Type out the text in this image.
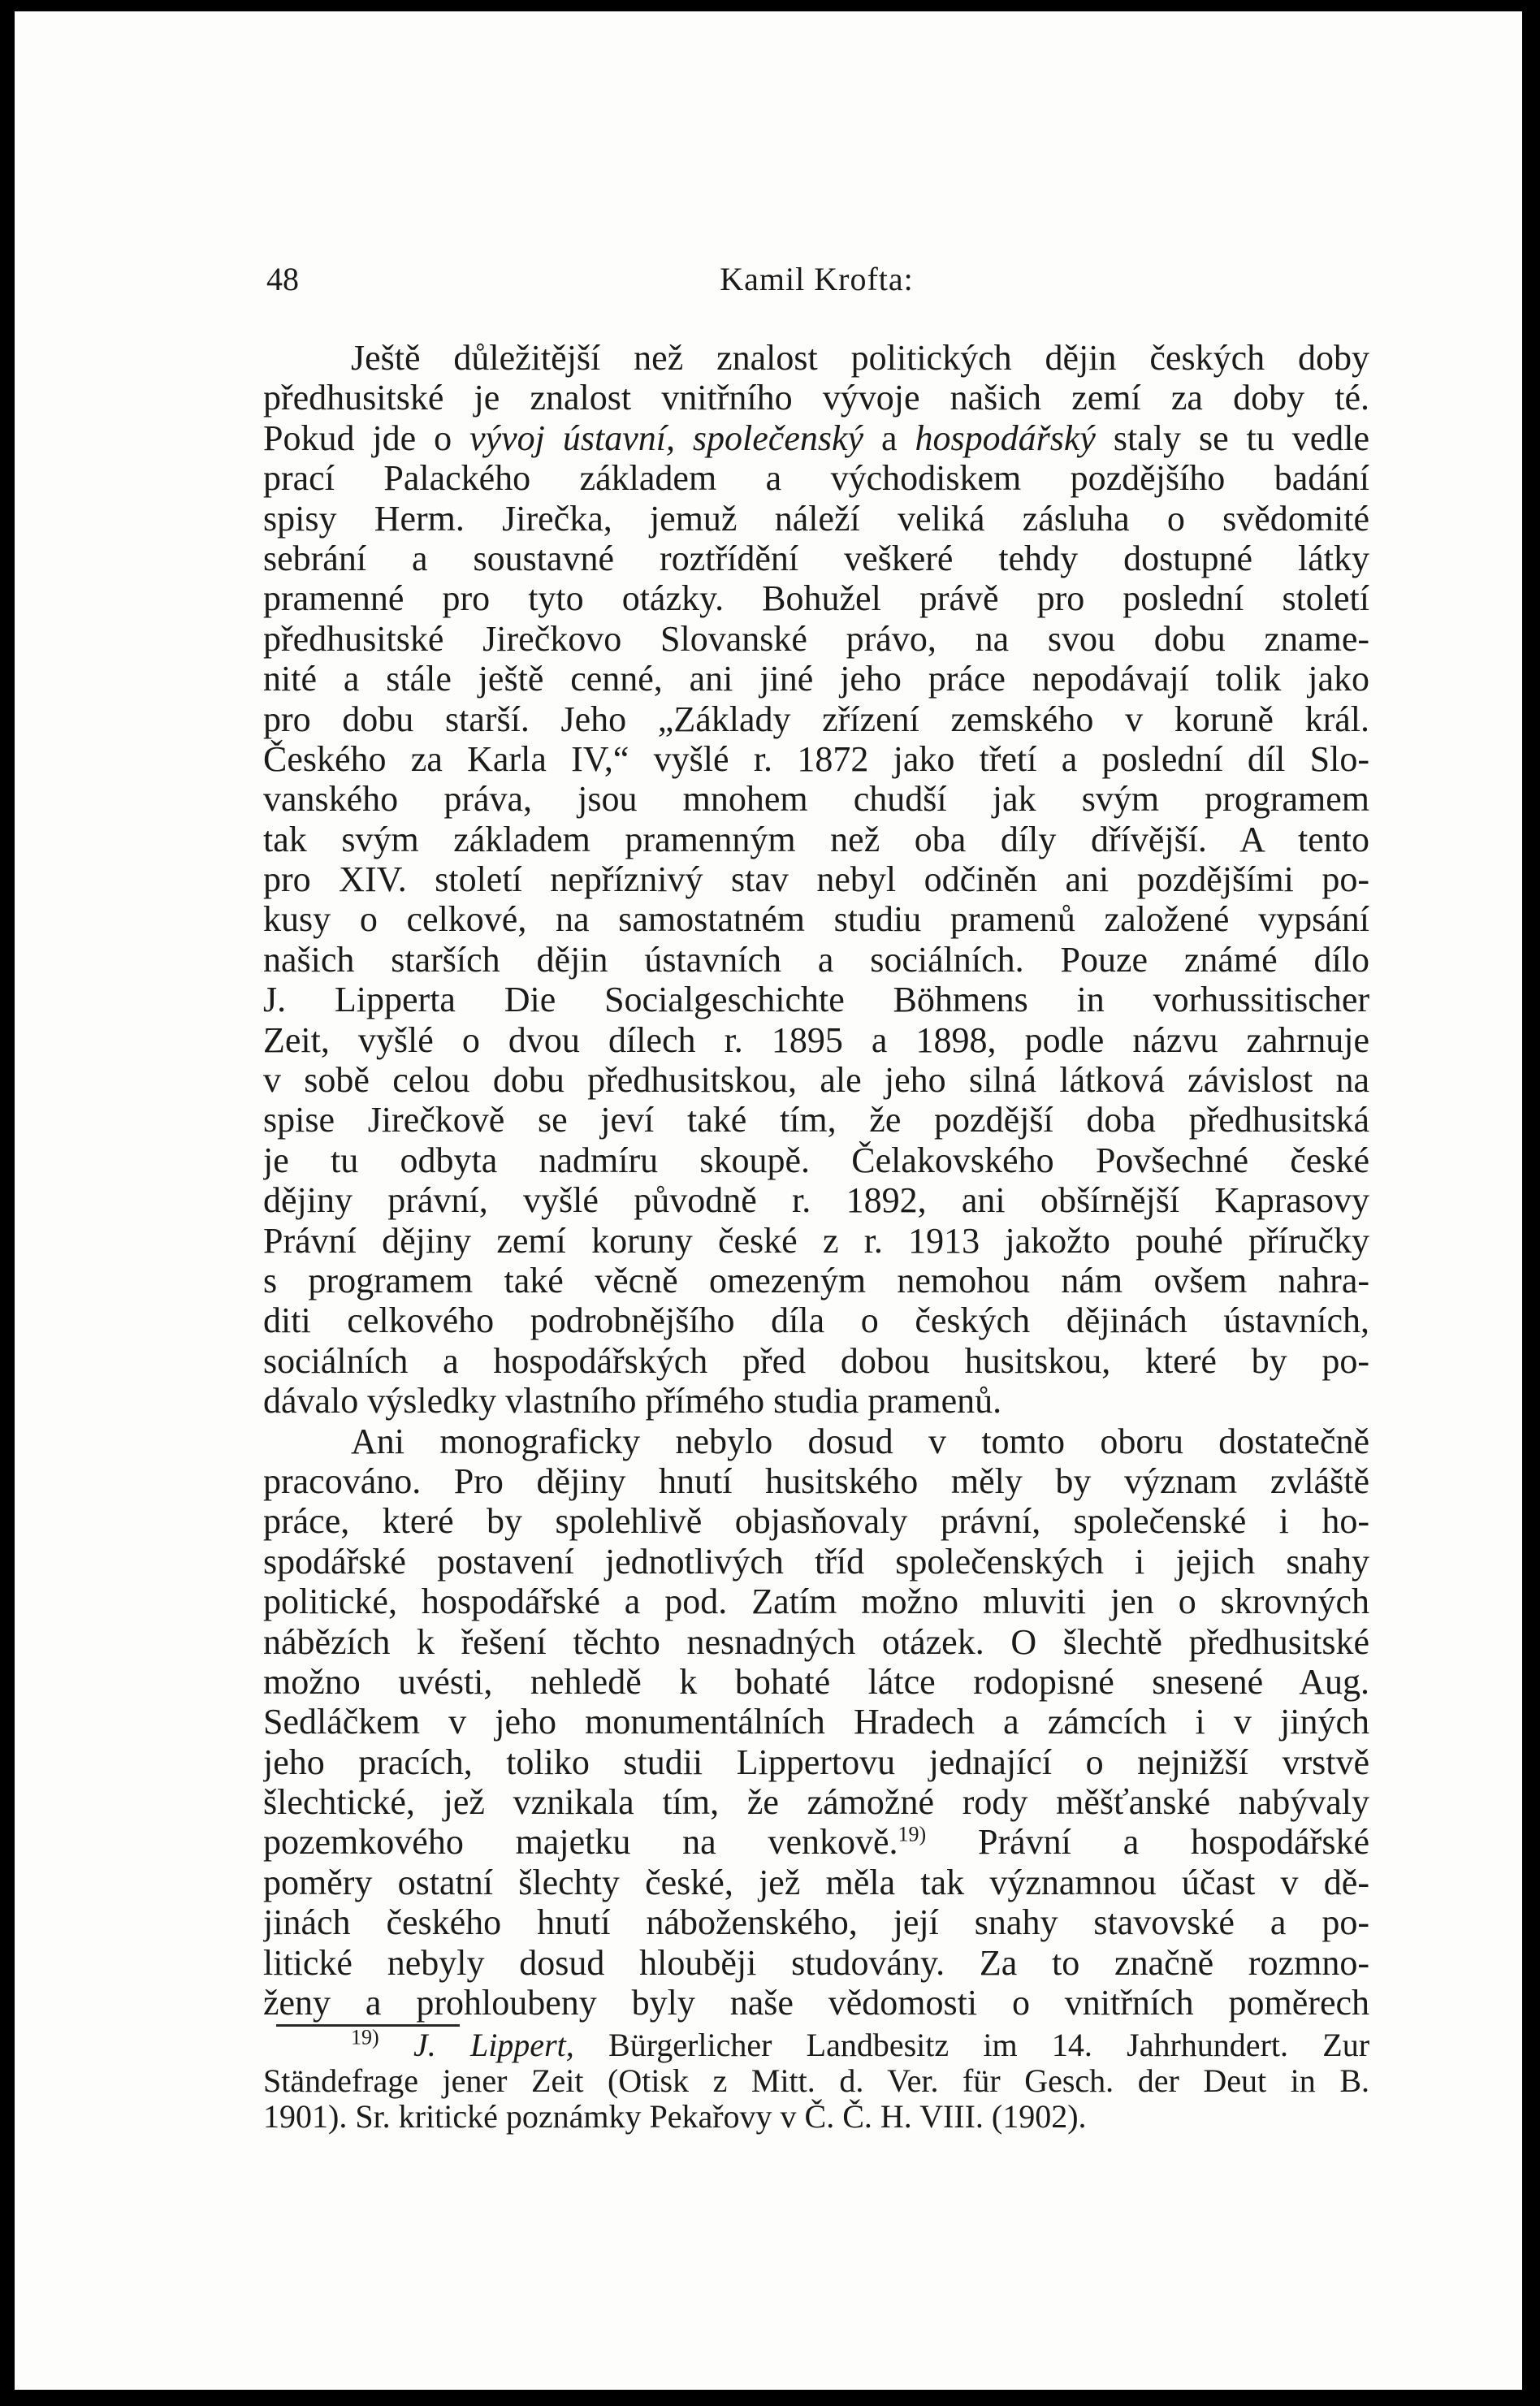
48	Kamil Krofta:
Ještě důležitější než znalost politických dějin českých doby
předhusitské je znalost vnitřního vývoje našich zemí za doby té.
Pokud jde o vývoj ústavní, společenský a hospodářský staly se tu vedle
prací Palackého základem a východiskem pozdějšího badání
spisy Herm. Jirečka, jemuž náleží veliká zásluha o svědomité
sebrání a soustavné roztřídění veškeré tehdy dostupné látky
pramenné pro tyto otázky. Bohužel právě pro poslední století
předhusitské Jirečkovo Slovanské právo, na svou dobu zname-
nité a stále ještě cenné, ani jiné jeho práce nepodávají tolik jako
pro dobu starší. Jeho „Základy zřízení zemského v koruně král.
Českého za Karla IV,“ vyšlé r. 1872 jako třetí a poslední díl Slo-
vanského práva, jsou mnohem chudší jak svým programem
tak svým základem pramenným než oba díly dřívější. A tento
pro XIV. století nepříznivý stav nebyl odčiněn ani pozdějšími po-
kusy o celkové, na samostatném studiu pramenů založené vypsání
našich starších dějin ústavních a sociálních. Pouze známé dílo
J. Lipperta Die Socialgeschichte Böhmens in vorhussitischer
Zeit, vyšlé o dvou dílech r. 1895 a 1898, podle názvu zahrnuje
v sobě celou dobu předhusitskou, ale jeho silná látková závislost na
spise Jirečkově se jeví také tím, že pozdější doba předhusitská
je tu odbyta nadmíru skoupě. Čelakovského Povšechné české
dějiny právní, vyšlé původně r. 1892, ani obšírnější Kaprasovy
Právní dějiny zemí koruny české z r. 1913 jakožto pouhé příručky
s programem také věcně omezeným nemohou nám ovšem nahra-
diti celkového podrobnějšího díla o českých dějinách ústavních,
sociálních a hospodářských před dobou husitskou, které by po-
dávalo výsledky vlastního přímého studia pramenů.
Ani monograficky nebylo dosud v tomto oboru dostatečně
pracováno. Pro dějiny hnutí husitského měly by význam zvláště
práce, které by spolehlivě objasňovaly právní, společenské i ho-
spodářské postavení jednotlivých tříd společenských i jejich snahy
politické, hospodářské a pod. Zatím možno mluviti jen o skrovných
nábězích k řešení těchto nesnadných otázek. O šlechtě předhusitské
možno uvésti, nehledě k bohaté látce rodopisné snesené Aug.
Sedláčkem v jeho monumentálních Hradech a zámcích i v jiných
jeho pracích, toliko studii Lippertovu jednající o nejnižší vrstvě
šlechtické, jež vznikala tím, že zámožné rody měšťanské nabývaly
pozemkového majetku na venkově.$^{19)}$ Právní a hospodářské
poměry ostatní šlechty české, jež měla tak významnou účast v dě-
jinách českého hnutí náboženského, její snahy stavovské a po-
litické nebyly dosud hlouběji studovány. Za to značně rozmno-
ženy a prohloubeny byly naše vědomosti o vnitřních poměrech
$^{19)}$ J. Lippert, Bürgerlicher Landbesitz im 14. Jahrhundert. Zur
Ständefrage jener Zeit (Otisk z Mitt. d. Ver. für Gesch. der Deut in B.
1901). Sr. kritické poznámky Pekařovy v Č. Č. H. VIII. (1902).
